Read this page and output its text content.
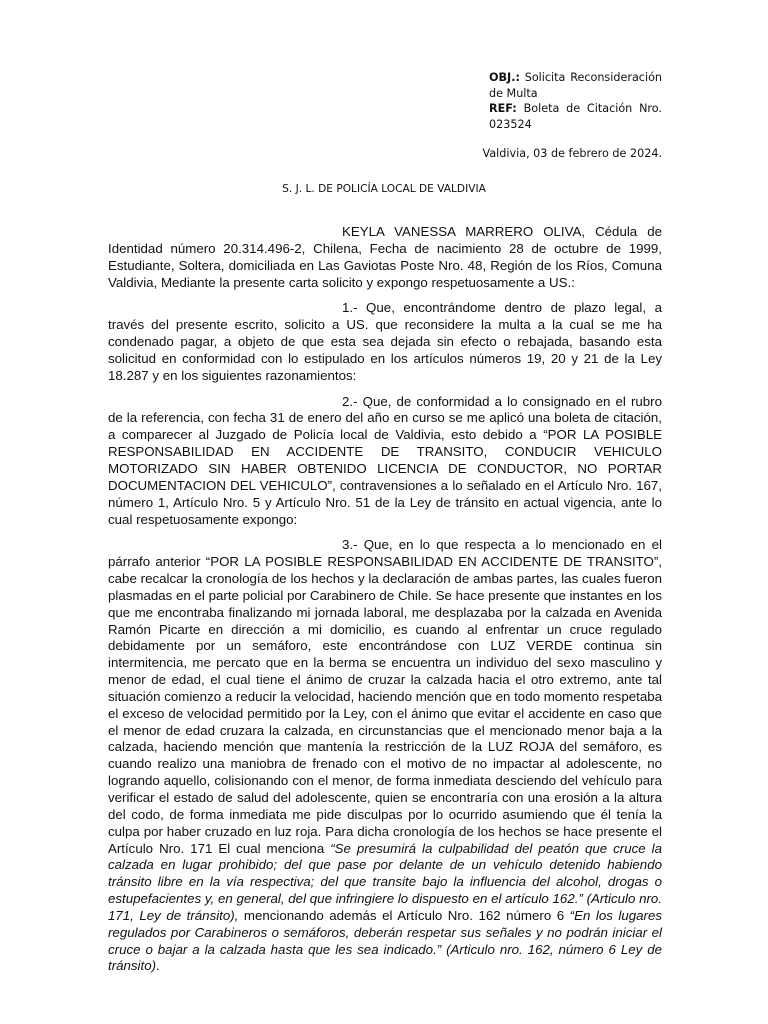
OBJ.: Solicita Reconsideración de Multa

REF: Boleta de Citación Nro. 023524

Valdivia, 03 de febrero de 2024.
S. J. L. DE POLICÍA LOCAL DE VALDIVIA

KEYLA VANESSA MARRERO OLIVA, Cédula de Identidad número 20.314.496-2, Chilena, Fecha de nacimiento 28 de octubre de 1999, Estudiante, Soltera, domiciliada en Las Gaviotas Poste Nro. 48, Región de los Ríos, Comuna Valdivia, Mediante la presente carta solicito y expongo respetuosamente a US.:

1.- Que, encontrándome dentro de plazo legal, a través del presente escrito, solicito a US. que reconsidere la multa a la cual se me ha condenado pagar, a objeto de que esta sea dejada sin efecto o rebajada, basando esta solicitud en conformidad con lo estipulado en los artículos números 19, 20 y 21 de la Ley 18.287 y en los siguientes razonamientos:

2.- Que, de conformidad a lo consignado en el rubro de la referencia, con fecha 31 de enero del año en curso se me aplicó una boleta de citación, a comparecer al Juzgado de Policía local de Valdivia, esto debido a “POR LA POSIBLE RESPONSABILIDAD EN ACCIDENTE DE TRANSITO, CONDUCIR VEHICULO MOTORIZADO SIN HABER OBTENIDO LICENCIA DE CONDUCTOR, NO PORTAR DOCUMENTACION DEL VEHICULO”, contravensiones a lo señalado en el Artículo Nro. 167, número 1, Artículo Nro. 5 y Artículo Nro. 51 de la Ley de tránsito en actual vigencia, ante lo cual respetuosamente expongo:

3.- Que, en lo que respecta a lo mencionado en el párrafo anterior “POR LA POSIBLE RESPONSABILIDAD EN ACCIDENTE DE TRANSITO”, cabe recalcar la cronología de los hechos y la declaración de ambas partes, las cuales fueron plasmadas en el parte policial por Carabinero de Chile. Se hace presente que instantes en los que me encontraba finalizando mi jornada laboral, me desplazaba por la calzada en Avenida Ramón Picarte en dirección a mi domicilio, es cuando al enfrentar un cruce regulado debidamente por un semáforo, este encontrándose con LUZ VERDE continua sin intermitencia, me percato que en la berma se encuentra un individuo del sexo masculino y menor de edad, el cual tiene el ánimo de cruzar la calzada hacia el otro extremo, ante tal situación comienzo a reducir la velocidad, haciendo mención que en todo momento respetaba el exceso de velocidad permitido por la Ley, con el ánimo que evitar el accidente en caso que el menor de edad cruzara la calzada, en circunstancias que el mencionado menor baja a la calzada, haciendo mención que mantenía la restricción de la LUZ ROJA del semáforo, es cuando realizo una maniobra de frenado con el motivo de no impactar al adolescente, no logrando aquello, colisionando con el menor, de forma inmediata desciendo del vehículo para verificar el estado de salud del adolescente, quien se encontraría con una erosión a la altura del codo, de forma inmediata me pide disculpas por lo ocurrido asumiendo que él tenía la culpa por haber cruzado en luz roja. Para dicha cronología de los hechos se hace presente el Artículo Nro. 171 El cual menciona “Se presumirá la culpabilidad del peatón que cruce la calzada en lugar prohibido; del que pase por delante de un vehículo detenido habiendo tránsito libre en la vía respectiva; del que transite bajo la influencia del alcohol, drogas o estupefacientes y, en general, del que infringiere lo dispuesto en el artículo 162.” (Articulo nro. 171, Ley de tránsito), mencionando además el Artículo Nro. 162 número 6 “En los lugares regulados por Carabineros o semáforos, deberán respetar sus señales y no podrán iniciar el cruce o bajar a la calzada hasta que les sea indicado.” (Articulo nro. 162, número 6 Ley de tránsito).
